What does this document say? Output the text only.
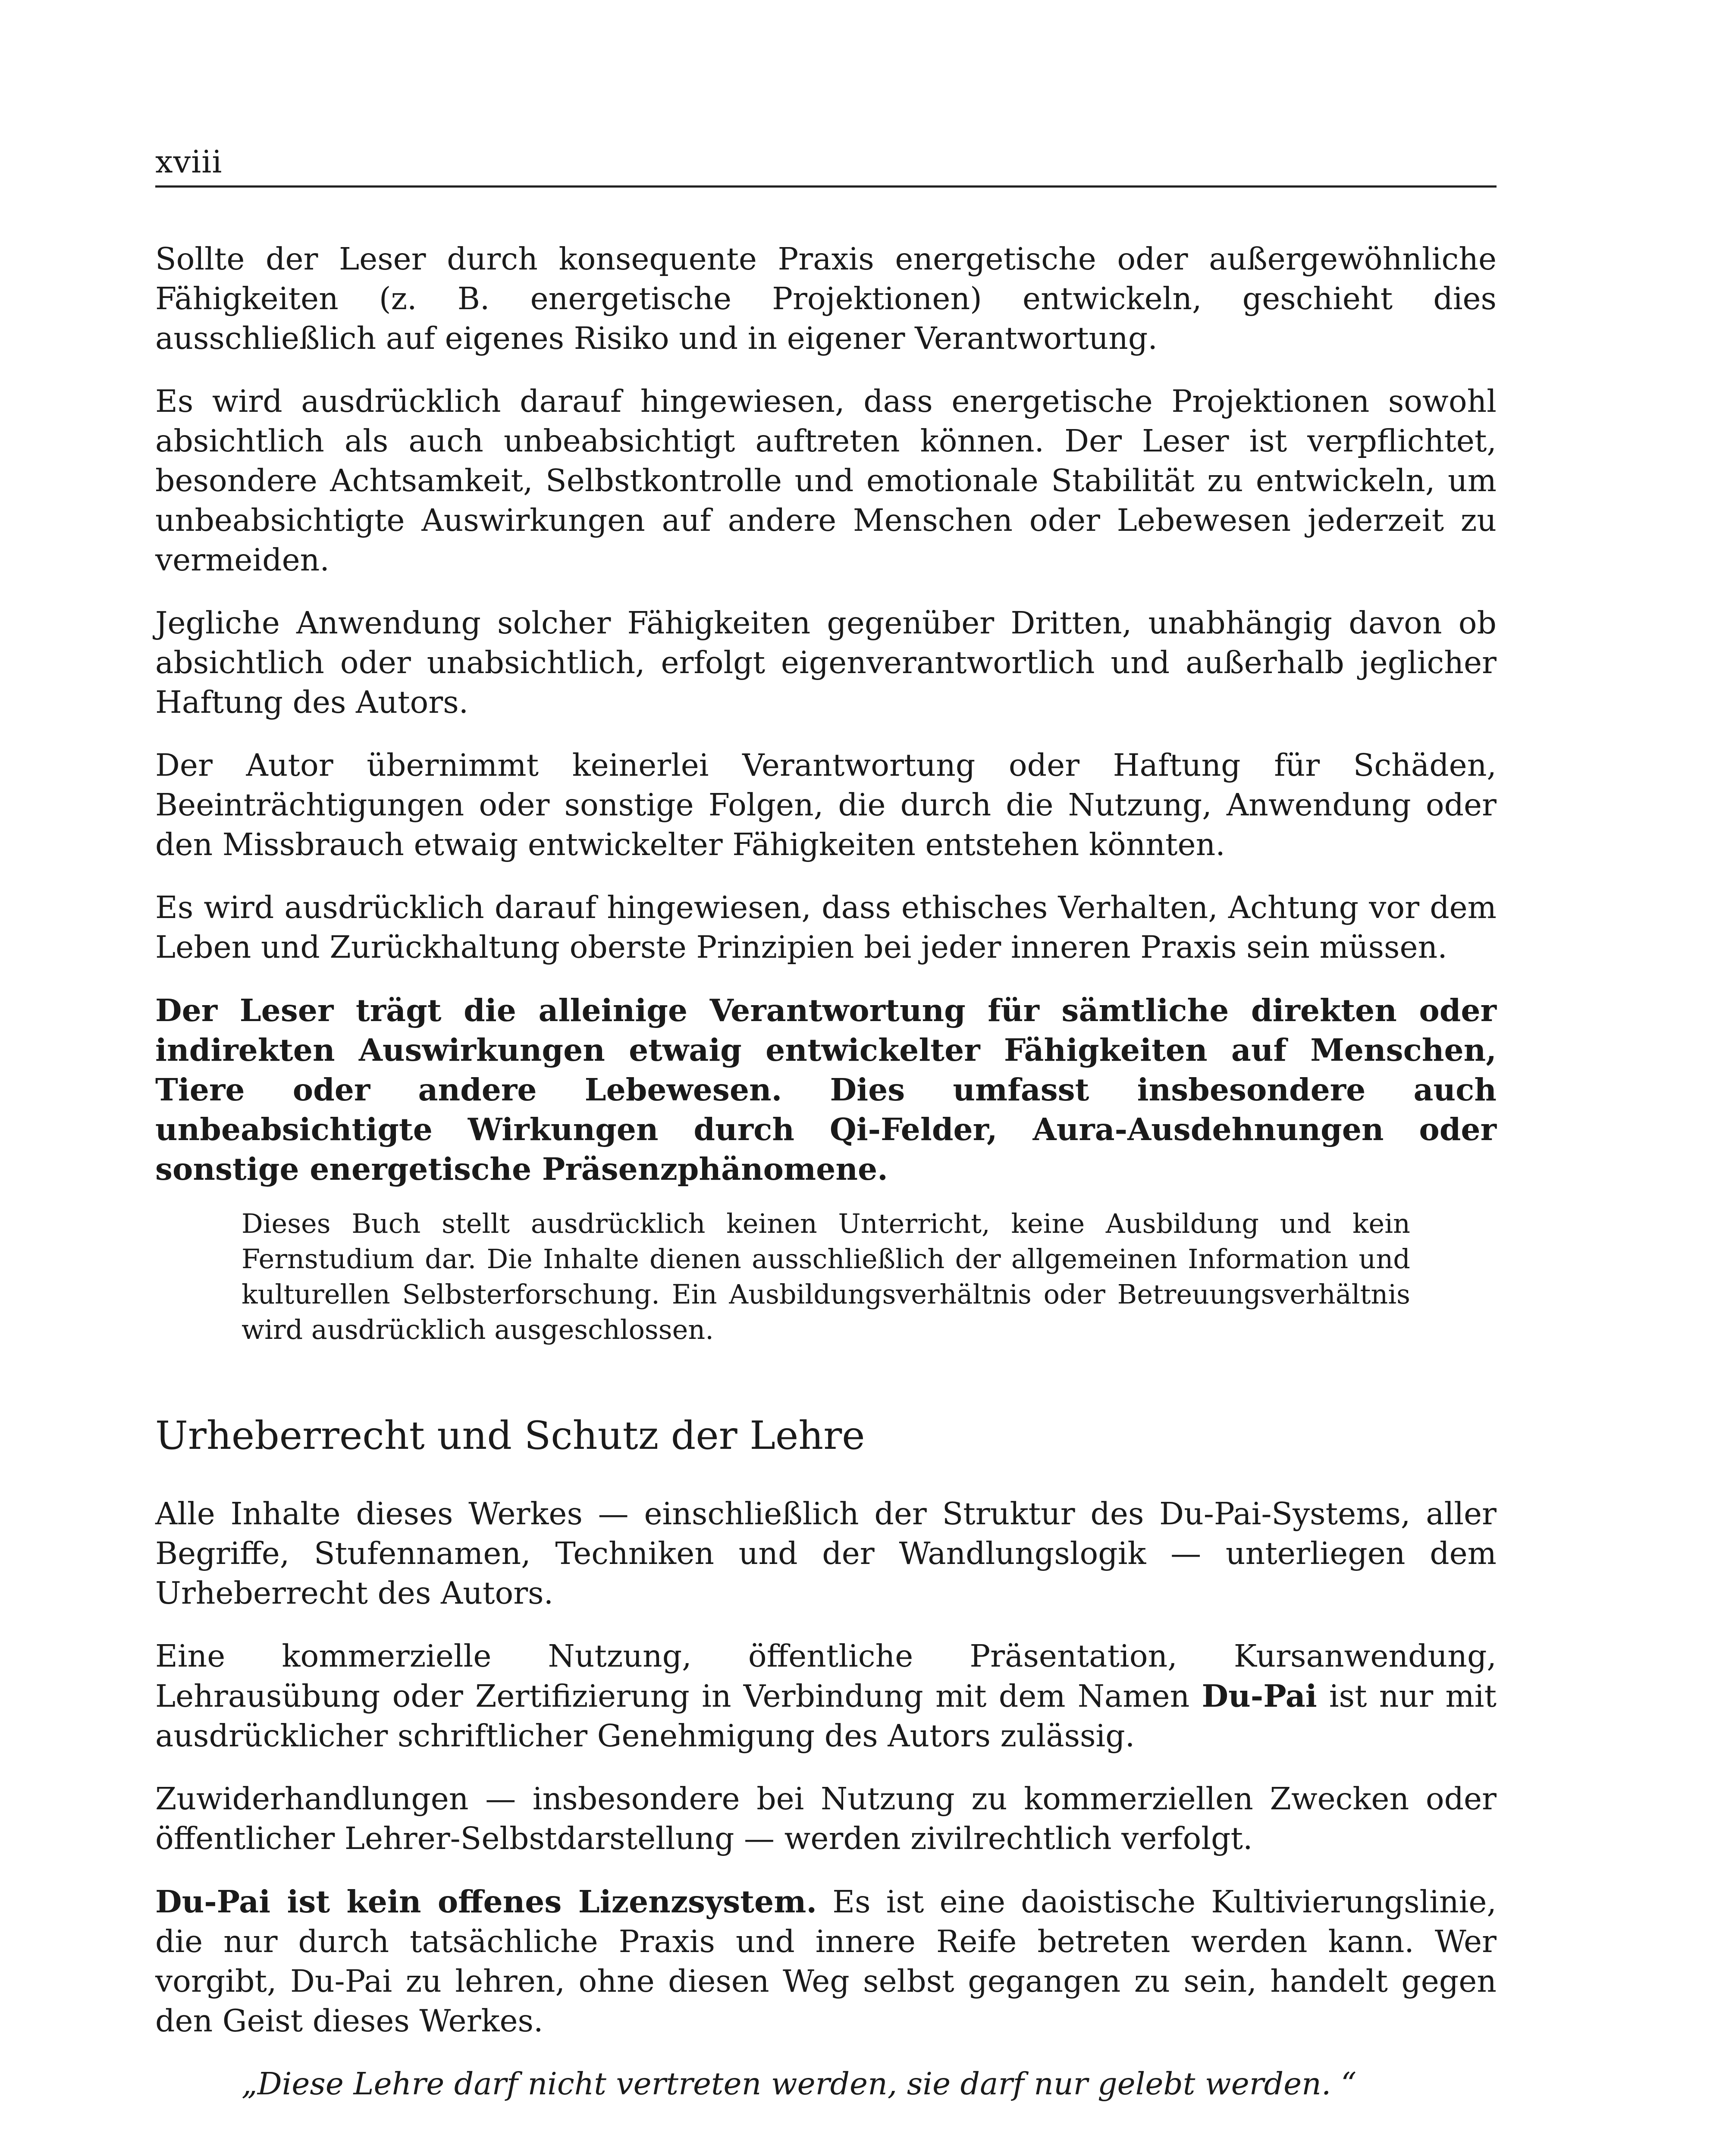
xviii

Sollte der Leser durch konsequente Praxis energetische oder außergewöhnliche Fähigkeiten (z. B. energetische Projektionen) entwickeln, geschieht dies ausschließlich auf eigenes Risiko und in eigener Verantwortung.

Es wird ausdrücklich darauf hingewiesen, dass energetische Projektionen sowohl absichtlich als auch unbeabsichtigt auftreten können. Der Leser ist verpflichtet, besondere Achtsamkeit, Selbstkontrolle und emotionale Stabilität zu entwickeln, um unbeabsichtigte Auswirkungen auf andere Menschen oder Lebewesen jederzeit zu vermeiden.

Jegliche Anwendung solcher Fähigkeiten gegenüber Dritten, unabhängig davon ob absichtlich oder unabsichtlich, erfolgt eigenverantwortlich und außerhalb jeglicher Haftung des Autors.

Der Autor übernimmt keinerlei Verantwortung oder Haftung für Schäden, Beeinträchtigungen oder sonstige Folgen, die durch die Nutzung, Anwendung oder den Missbrauch etwaig entwickelter Fähigkeiten entstehen könnten.

Es wird ausdrücklich darauf hingewiesen, dass ethisches Verhalten, Achtung vor dem Leben und Zurückhaltung oberste Prinzipien bei jeder inneren Praxis sein müssen.

Der Leser trägt die alleinige Verantwortung für sämtliche direkten oder indirekten Auswirkungen etwaig entwickelter Fähigkeiten auf Menschen, Tiere oder andere Lebewesen. Dies umfasst insbesondere auch unbeabsichtigte Wirkungen durch Qi-Felder, Aura-Ausdehnungen oder sonstige energetische Präsenzphänomene.

Dieses Buch stellt ausdrücklich keinen Unterricht, keine Ausbildung und kein Fernstudium dar. Die Inhalte dienen ausschließlich der allgemeinen Information und kulturellen Selbsterforschung. Ein Ausbildungsverhältnis oder Betreuungsverhältnis wird ausdrücklich ausgeschlossen.
Urheberrecht und Schutz der Lehre

Alle Inhalte dieses Werkes — einschließlich der Struktur des Du-Pai-Systems, aller Begriffe, Stufennamen, Techniken und der Wandlungslogik — unterliegen dem Urheberrecht des Autors.

Eine kommerzielle Nutzung, öffentliche Präsentation, Kursanwendung, Lehrausübung oder Zertifizierung in Verbindung mit dem Namen Du-Pai ist nur mit ausdrücklicher schriftlicher Genehmigung des Autors zulässig.

Zuwiderhandlungen — insbesondere bei Nutzung zu kommerziellen Zwecken oder öffentlicher Lehrer-Selbstdarstellung — werden zivilrechtlich verfolgt.

Du-Pai ist kein offenes Lizenzsystem. Es ist eine daoistische Kultivierungslinie, die nur durch tatsächliche Praxis und innere Reife betreten werden kann. Wer vorgibt, Du-Pai zu lehren, ohne diesen Weg selbst gegangen zu sein, handelt gegen den Geist dieses Werkes.

„Diese Lehre darf nicht vertreten werden, sie darf nur gelebt werden. “
